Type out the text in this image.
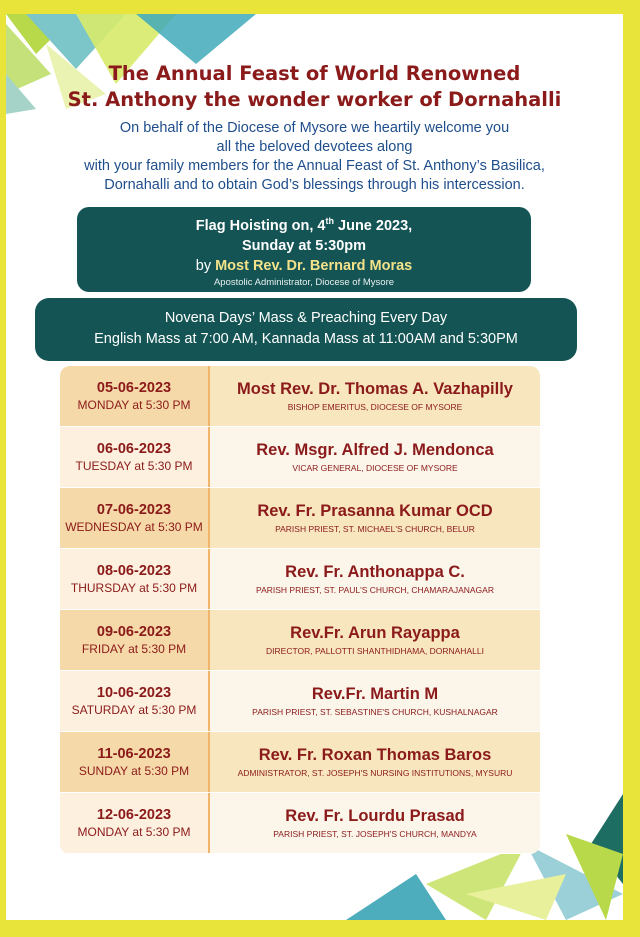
The Annual Feast of World Renowned
St. Anthony the wonder worker of Dornahalli
On behalf of the Diocese of Mysore we heartily welcome you
all the beloved devotees along
with your family members for the Annual Feast of St. Anthony’s Basilica,
Dornahalli and to obtain God’s blessings through his intercession.
Flag Hoisting on, 4th June 2023,
Sunday at 5:30pm
by Most Rev. Dr. Bernard Moras
Apostolic Administrator, Diocese of Mysore
Novena Days’ Mass & Preaching Every Day
English Mass at 7:00 AM, Kannada Mass at 11:00AM and 5:30PM
05-06-2023
MONDAY at 5:30 PM
Most Rev. Dr. Thomas A. Vazhapilly
BISHOP EMERITUS, DIOCESE OF MYSORE
06-06-2023
TUESDAY at 5:30 PM
Rev. Msgr. Alfred J. Mendonca
VICAR GENERAL, DIOCESE OF MYSORE
07-06-2023
WEDNESDAY at 5:30 PM
Rev. Fr. Prasanna Kumar OCD
PARISH PRIEST, ST. MICHAEL'S CHURCH, BELUR
08-06-2023
THURSDAY at 5:30 PM
Rev. Fr. Anthonappa C.
PARISH PRIEST, ST. PAUL'S CHURCH, CHAMARAJANAGAR
09-06-2023
FRIDAY at 5:30 PM
Rev.Fr. Arun Rayappa
DIRECTOR, PALLOTTI SHANTHIDHAMA, DORNAHALLI
10-06-2023
SATURDAY at 5:30 PM
Rev.Fr. Martin M
PARISH PRIEST, ST. SEBASTINE'S CHURCH, KUSHALNAGAR
11-06-2023
SUNDAY at 5:30 PM
Rev. Fr. Roxan Thomas Baros
ADMINISTRATOR, ST. JOSEPH'S NURSING INSTITUTIONS, MYSURU
12-06-2023
MONDAY at 5:30 PM
Rev. Fr. Lourdu Prasad
PARISH PRIEST, ST. JOSEPH'S CHURCH, MANDYA
